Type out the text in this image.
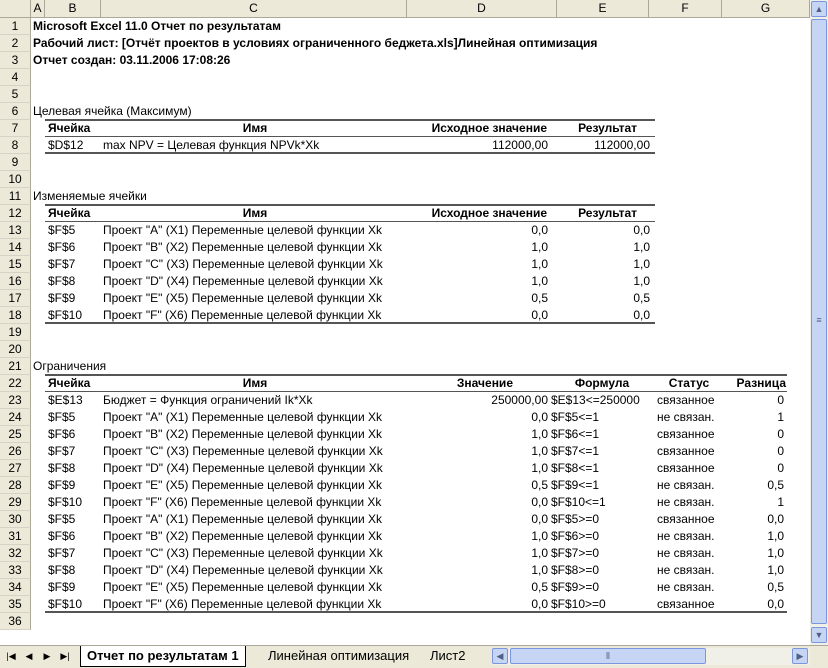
A	B	C	D	E	F	G
1
2
3
4
5
6
7
8
9
10
11
12
13
14
15
16
17
18
19
20
21
22
23
24
25
26
27
28
29
30
31
32
33
34
35
36
Microsoft Excel 11.0 Отчет по результатам
Рабочий лист: [Отчёт проектов в условиях ограниченного беджета.xls]Линейная оптимизация
Отчет создан: 03.11.2006 17:08:26
Целевая ячейка (Максимум)
Ячейка	Имя	Исходное значение	Результат
$D$12	max NPV = Целевая функция NPVk*Xk	112000,00	112000,00
Изменяемые ячейки
Ячейка	Имя	Исходное значение	Результат
$F$5	Проект "А" (X1) Переменные целевой функции Xk	0,0	0,0
$F$6	Проект "В" (X2) Переменные целевой функции Xk	1,0	1,0
$F$7	Проект "С" (X3) Переменные целевой функции Xk	1,0	1,0
$F$8	Проект "D" (X4) Переменные целевой функции Xk	1,0	1,0
$F$9	Проект "Е" (X5) Переменные целевой функции Xk	0,5	0,5
$F$10	Проект "F" (X6) Переменные целевой функции Xk	0,0	0,0
Ограничения
Ячейка	Имя	Значение	Формула	Статус	Разница
$E$13	Бюджет = Функция ограничений Ik*Xk	250000,00 $E$13<=250000	связанное	0
$F$5	Проект "А" (X1) Переменные целевой функции Xk	0,0 $F$5<=1	не связан.	1
$F$6	Проект "В" (X2) Переменные целевой функции Xk	1,0 $F$6<=1	связанное	0
$F$7	Проект "С" (X3) Переменные целевой функции Xk	1,0 $F$7<=1	связанное	0
$F$8	Проект "D" (X4) Переменные целевой функции Xk	1,0 $F$8<=1	связанное	0
$F$9	Проект "Е" (X5) Переменные целевой функции Xk	0,5 $F$9<=1	не связан.	0,5
$F$10	Проект "F" (X6) Переменные целевой функции Xk	0,0 $F$10<=1	не связан.	1
$F$5	Проект "А" (X1) Переменные целевой функции Xk	0,0 $F$5>=0	связанное	0,0
$F$6	Проект "В" (X2) Переменные целевой функции Xk	1,0 $F$6>=0	не связан.	1,0
$F$7	Проект "С" (X3) Переменные целевой функции Xk	1,0 $F$7>=0	не связан.	1,0
$F$8	Проект "D" (X4) Переменные целевой функции Xk	1,0 $F$8>=0	не связан.	1,0
$F$9	Проект "Е" (X5) Переменные целевой функции Xk	0,5 $F$9>=0	не связан.	0,5
$F$10	Проект "F" (X6) Переменные целевой функции Xk	0,0 $F$10>=0	связанное	0,0
▲
≡
▼
|◀	◀	▶	▶|	Отчет по результатам 1	Линейная оптимизация	Лист2	◀	⦀	▶
